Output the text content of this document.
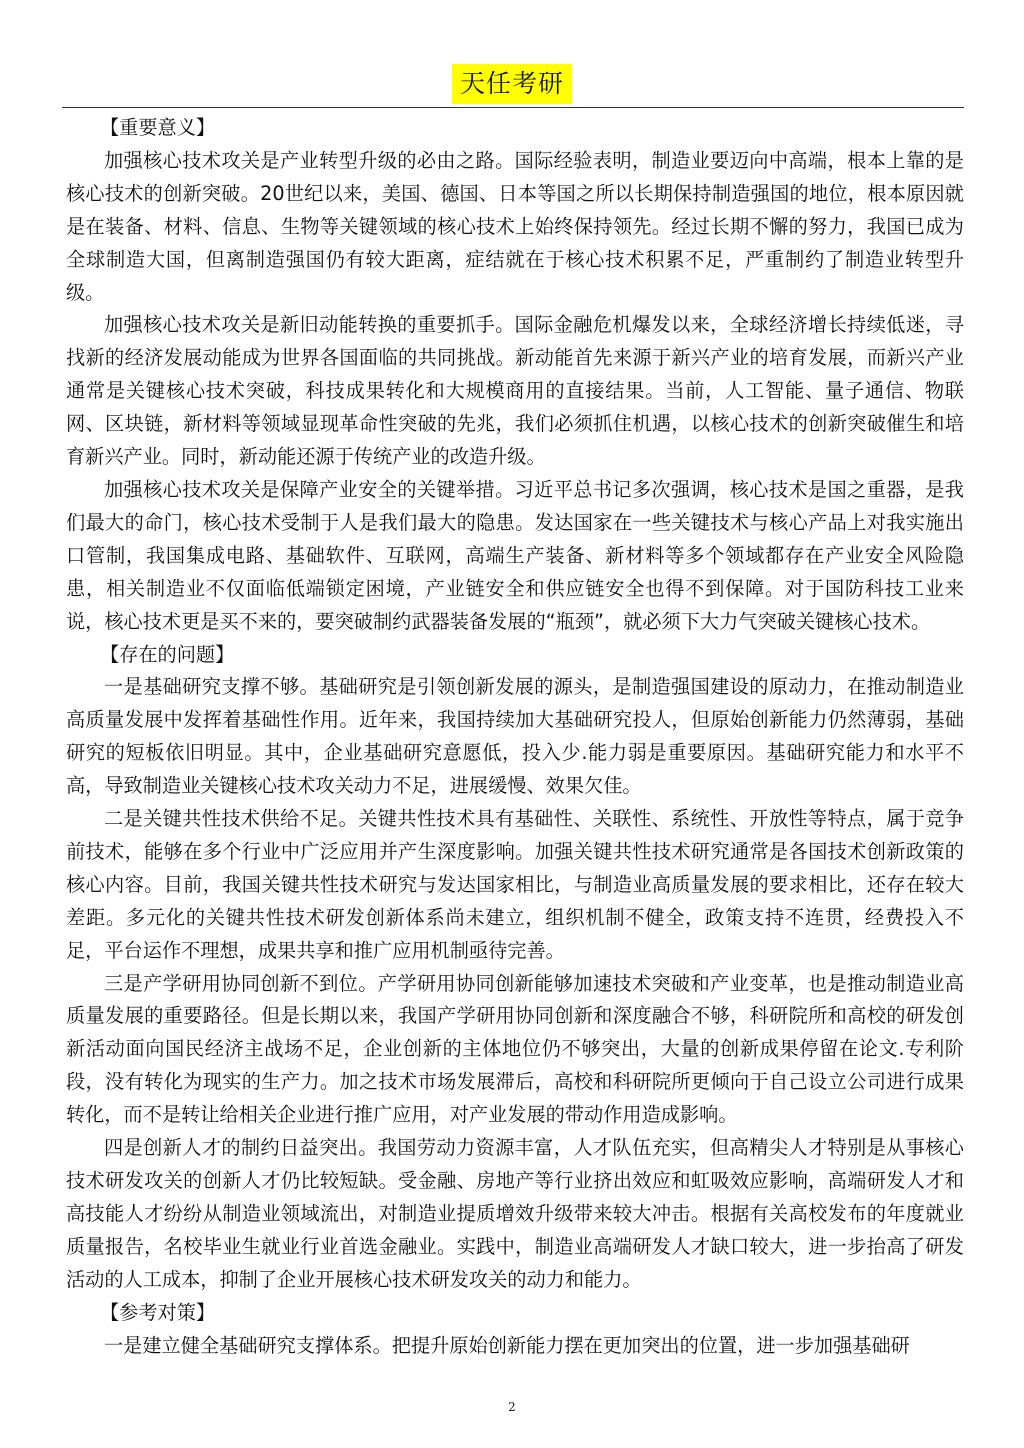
天任考研

【重要意义】

加强核心技术攻关是产业转型升级的必由之路。国际经验表明，制造业要迈向中高端，根本上靠的是核心技术的创新突破。20世纪以来，美国、德国、日本等国之所以长期保持制造强国的地位，根本原因就是在装备、材料、信息、生物等关键领域的核心技术上始终保持领先。经过长期不懈的努力，我国已成为全球制造大国，但离制造强国仍有较大距离，症结就在于核心技术积累不足，严重制约了制造业转型升级。

加强核心技术攻关是新旧动能转换的重要抓手。国际金融危机爆发以来，全球经济增长持续低迷，寻找新的经济发展动能成为世界各国面临的共同挑战。新动能首先来源于新兴产业的培育发展，而新兴产业通常是关键核心技术突破，科技成果转化和大规模商用的直接结果。当前，人工智能、量子通信、物联网、区块链，新材料等领域显现革命性突破的先兆，我们必须抓住机遇，以核心技术的创新突破催生和培育新兴产业。同时，新动能还源于传统产业的改造升级。

加强核心技术攻关是保障产业安全的关键举措。习近平总书记多次强调，核心技术是国之重器，是我们最大的命门，核心技术受制于人是我们最大的隐患。发达国家在一些关键技术与核心产品上对我实施出口管制，我国集成电路、基础软件、互联网，高端生产装备、新材料等多个领域都存在产业安全风险隐患，相关制造业不仅面临低端锁定困境，产业链安全和供应链安全也得不到保障。对于国防科技工业来说，核心技术更是买不来的，要突破制约武器装备发展的“瓶颈”，就必须下大力气突破关键核心技术。

【存在的问题】

一是基础研究支撑不够。基础研究是引领创新发展的源头，是制造强国建设的原动力，在推动制造业高质量发展中发挥着基础性作用。近年来，我国持续加大基础研究投人，但原始创新能力仍然薄弱，基础研究的短板依旧明显。其中，企业基础研究意愿低，投入少.能力弱是重要原因。基础研究能力和水平不高，导致制造业关键核心技术攻关动力不足，进展缓慢、效果欠佳。

二是关键共性技术供给不足。关键共性技术具有基础性、关联性、系统性、开放性等特点，属于竞争前技术，能够在多个行业中广泛应用并产生深度影响。加强关键共性技术研究通常是各国技术创新政策的核心内容。目前，我国关键共性技术研究与发达国家相比，与制造业高质量发展的要求相比，还存在较大差距。多元化的关键共性技术研发创新体系尚未建立，组织机制不健全，政策支持不连贯，经费投入不足，平台运作不理想，成果共享和推广应用机制亟待完善。

三是产学研用协同创新不到位。产学研用协同创新能够加速技术突破和产业变革，也是推动制造业高质量发展的重要路径。但是长期以来，我国产学研用协同创新和深度融合不够，科研院所和高校的研发创新活动面向国民经济主战场不足，企业创新的主体地位仍不够突出，大量的创新成果停留在论文.专利阶段，没有转化为现实的生产力。加之技术市场发展滞后，高校和科研院所更倾向于自己设立公司进行成果转化，而不是转让给相关企业进行推广应用，对产业发展的带动作用造成影响。

四是创新人才的制约日益突出。我国劳动力资源丰富，人才队伍充实，但高精尖人才特别是从事核心技术研发攻关的创新人才仍比较短缺。受金融、房地产等行业挤出效应和虹吸效应影响，高端研发人才和高技能人才纷纷从制造业领域流出，对制造业提质增效升级带来较大冲击。根据有关高校发布的年度就业质量报告，名校毕业生就业行业首选金融业。实践中，制造业高端研发人才缺口较大，进一步抬高了研发活动的人工成本，抑制了企业开展核心技术研发攻关的动力和能力。

【参考对策】

一是建立健全基础研究支撑体系。把提升原始创新能力摆在更加突出的位置，进一步加强基础研

2
